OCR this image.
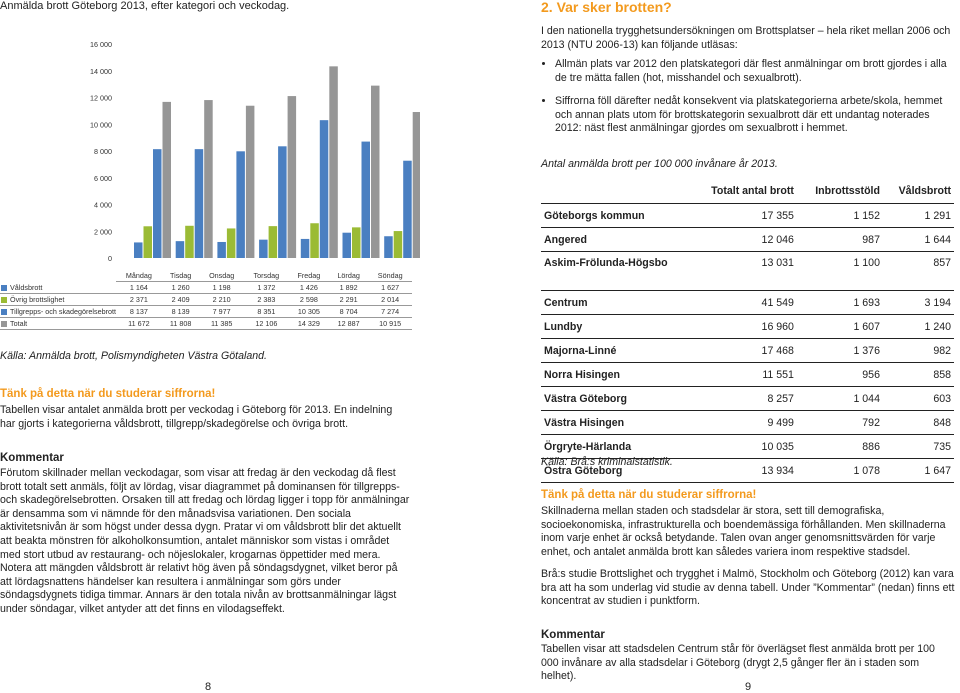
Anmälda brott Göteborg 2013, efter kategori och veckodag.
0
2 000
4 000
6 000
8 000
10 000
12 000
14 000
16 000
	Måndag	Tisdag	Onsdag	Torsdag	Fredag	Lördag	Söndag
Våldsbrott	1 164	1 260	1 198	1 372	1 426	1 892	1 627
Övrig brottslighet	2 371	2 409	2 210	2 383	2 598	2 291	2 014
Tillgrepps- och skadegörelsebrott	8 137	8 139	7 977	8 351	10 305	8 704	7 274
Totalt	11 672	11 808	11 385	12 106	14 329	12 887	10 915
Källa: Anmälda brott, Polismyndigheten Västra Götaland.
Tänk på detta när du studerar siffrorna!
Tabellen visar antalet anmälda brott per veckodag i Göteborg för 2013. En indelning har gjorts i kategorierna våldsbrott, tillgrepp/skadegörelse och övriga brott.
Kommentar
Förutom skillnader mellan veckodagar, som visar att fredag är den veckodag då flest brott totalt sett anmäls, följt av lördag, visar diagrammet på dominansen för tillgrepps- och skadegörelsebrotten. Orsaken till att fredag och lördag ligger i topp för anmälningar är densamma som vi nämnde för den månadsvisa variationen. Den sociala aktivitetsnivån är som högst under dessa dygn. Pratar vi om våldsbrott blir det aktuellt att beakta mönstren för alkoholkonsumtion, antalet människor som vistas i området med stort utbud av restaurang- och nöjeslokaler, krogarnas öppettider med mera. Notera att mängden våldsbrott är relativt hög även på söndagsdygnet, vilket beror på att lördagsnattens händelser kan resultera i anmälningar som görs under söndagsdygnets tidiga timmar. Annars är den totala nivån av brottsanmälningar lägst under söndagar, vilket antyder att det finns en vilodagseffekt.
8
2. Var sker brotten?
I den nationella trygghetsundersökningen om Brottsplatser – hela riket mellan 2006 och 2013 (NTU 2006-13) kan följande utläsas:
• Allmän plats var 2012 den platskategori där flest anmälningar om brott gjordes i alla de tre mätta fallen (hot, misshandel och sexualbrott).
• Siffrorna föll därefter nedåt konsekvent via platskategorierna arbete/skola, hemmet och annan plats utom för brottskategorin sexualbrott där ett undantag noterades 2012: näst flest anmälningar gjordes om sexualbrott i hemmet.
Antal anmälda brott per 100 000 invånare år 2013.
	Totalt antal brott	Inbrottsstöld	Våldsbrott
Göteborgs kommun	17 355	1 152	1 291
Angered	12 046	987	1 644
Askim-Frölunda-Högsbo	13 031	1 100	857
Centrum	41 549	1 693	3 194
Lundby	16 960	1 607	1 240
Majorna-Linné	17 468	1 376	982
Norra Hisingen	11 551	956	858
Västra Göteborg	8 257	1 044	603
Västra Hisingen	9 499	792	848
Örgryte-Härlanda	10 035	886	735
Östra Göteborg	13 934	1 078	1 647
Källa: Brå:s kriminalstatistik.
Tänk på detta när du studerar siffrorna!
Skillnaderna mellan staden och stadsdelar är stora, sett till demografiska, socioekonomiska, infrastrukturella och boendemässiga förhållanden. Men skillnaderna inom varje enhet är också betydande. Talen ovan anger genomsnittsvärden för varje enhet, och antalet anmälda brott kan således variera inom respektive stadsdel.
Brå:s studie Brottslighet och trygghet i Malmö, Stockholm och Göteborg (2012) kan vara bra att ha som underlag vid studie av denna tabell. Under ”Kommentar” (nedan) finns ett koncentrat av studien i punktform.
Kommentar
Tabellen visar att stadsdelen Centrum står för överlägset flest anmälda brott per 100 000 invånare av alla stadsdelar i Göteborg (drygt 2,5 gånger fler än i staden som helhet).
9
